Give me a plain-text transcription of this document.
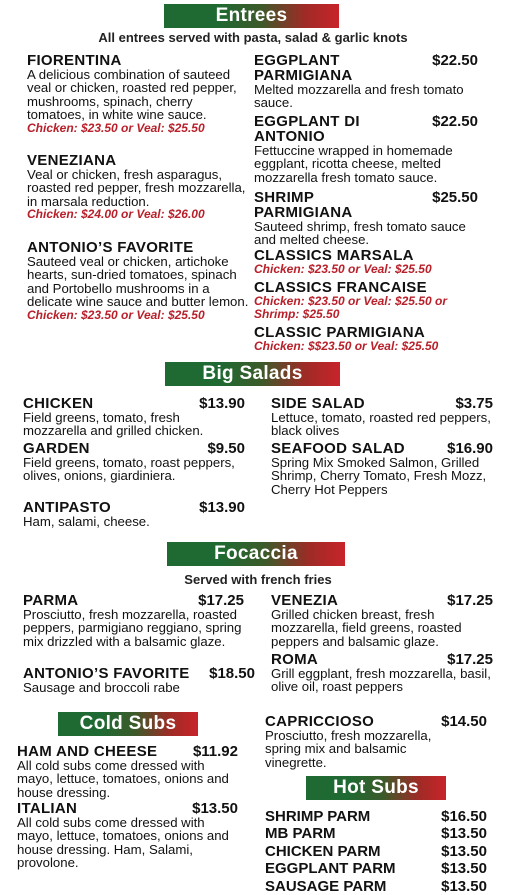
Entrees
All entrees served with pasta, salad & garlic knots
FIORENTINA
A delicious combination of sauteed veal or chicken, roasted red pepper, mushrooms, spinach, cherry tomatoes, in white wine sauce.
Chicken: $23.50 or Veal: $25.50
VENEZIANA
Veal or chicken, fresh asparagus, roasted red pepper, fresh mozzarella, in marsala reduction.
Chicken: $24.00 or Veal: $26.00
ANTONIO’S FAVORITE
Sauteed veal or chicken, artichoke hearts, sun-dried tomatoes, spinach and Portobello mushrooms in a delicate wine sauce and butter lemon.
Chicken: $23.50 or Veal: $25.50
EGGPLANT PARMIGIANA
$22.50
Melted mozzarella and fresh tomato sauce.
EGGPLANT DI ANTONIO
$22.50
Fettuccine wrapped in homemade eggplant, ricotta cheese, melted mozzarella fresh tomato sauce.
SHRIMP PARMIGIANA
$25.50
Sauteed shrimp, fresh tomato sauce and melted cheese.
CLASSICS MARSALA
Chicken: $23.50 or Veal: $25.50
CLASSICS FRANCAISE
Chicken: $23.50 or Veal: $25.50 or Shrimp: $25.50
CLASSIC PARMIGIANA
Chicken: $$23.50 or Veal: $25.50
Big Salads
CHICKEN	$13.90
Field greens, tomato, fresh mozzarella and grilled chicken.
GARDEN	$9.50
Field greens, tomato, roast peppers, olives, onions, giardiniera.
ANTIPASTO	$13.90
Ham, salami, cheese.
SIDE SALAD	$3.75
Lettuce, tomato, roasted red peppers, black olives
SEAFOOD SALAD	$16.90
Spring Mix Smoked Salmon, Grilled Shrimp, Cherry Tomato, Fresh Mozz, Cherry Hot Peppers
Focaccia
Served with french fries
PARMA	$17.25
Prosciutto, fresh mozzarella, roasted peppers, parmigiano reggiano, spring mix drizzled with a balsamic glaze.
ANTONIO’S FAVORITE	$18.50
Sausage and broccoli rabe
VENEZIA	$17.25
Grilled chicken breast, fresh mozzarella, field greens, roasted peppers and balsamic glaze.
ROMA	$17.25
Grill eggplant, fresh mozzarella, basil, olive oil, roast peppers
Cold Subs
HAM AND CHEESE	$11.92
All cold subs come dressed with mayo, lettuce, tomatoes, onions and house dressing.
ITALIAN	$13.50
All cold subs come dressed with mayo, lettuce, tomatoes, onions and house dressing. Ham, Salami, provolone.
CAPRICCIOSO	$14.50
Prosciutto, fresh mozzarella, spring mix and balsamic vinegrette.
Hot Subs
SHRIMP PARM	$16.50
MB PARM	$13.50
CHICKEN PARM	$13.50
EGGPLANT PARM	$13.50
SAUSAGE PARM	$13.50
